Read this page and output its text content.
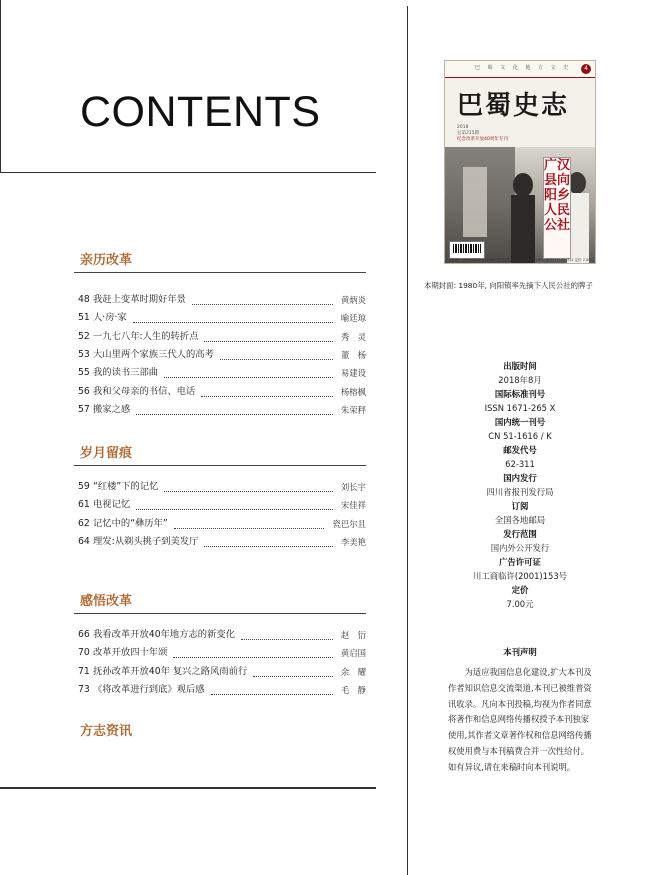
CONTENTS
亲历改革
48 我赶上变革时期好年景	黄炳炎
51 人·房·家	喻廷琼
52 一九七八年:人生的转折点	秀　灵
53 大山里两个家族三代人的高考	董　杨
55 我的读书三部曲	易建设
56 我和父母亲的书信、电话	杨榕枫
57 搬家之感	朱荣秤
岁月留痕
59 “红楼”下的记忆	刘长宇
61 电视记忆	宋佳祥
62 记忆中的“彝历年”	瓷巴尔且
64 理发:从剃头挑子到美发厅	李美艳
感悟改革
66 我看改革开放40年地方志的新变化	赵　衍
70 改革开放四十年颂	黄启国
71 抚孙改革开放40年 复兴之路风雨前行	余　耀
73 《将改革进行到底》观后感	毛　静
方志资讯
巴 蜀 文 化 地 方 文 史	4
巴蜀史志
2018
总第215期
纪念改革开放40周年专刊
广汉县向阳乡人民公社
国内统一刊号 CN51-1616/K 国际标准刊号 ISSN1671-265X 邮发代号 62-311 定价 7.00元
本期封面: 1980年, 向阳镇率先摘下人民公社的牌子
出版时间
2018年8月
国际标准刊号
ISSN 1671-265 X
国内统一刊号
CN 51-1616 / K
邮发代号
62-311
国内发行
四川省报刊发行局
订阅
全国各地邮局
发行范围
国内外公开发行
广告许可证
川工商临许(2001)153号
定价
7.00元
本刊声明
为适应我国信息化建设,扩大本刊及作者知识信息交流渠道,本刊已被维普资讯收录。凡向本刊投稿,均视为作者同意将著作和信息网络传播权授予本刊独家使用,其作者文章著作权和信息网络传播权使用费与本刊稿费合并一次性给付。如有异议,请在来稿时向本刊说明。
